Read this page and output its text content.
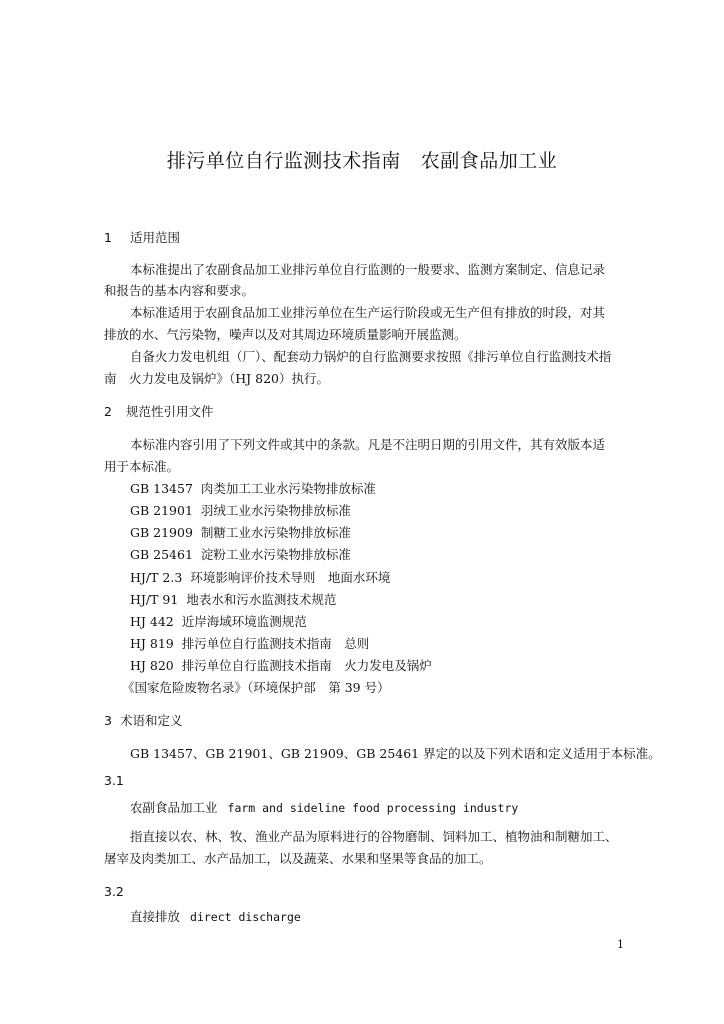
排污单位自行监测技术指南 农副食品加工业
1 适用范围
本标准提出了农副食品加工业排污单位自行监测的一般要求、监测方案制定、信息记录
和报告的基本内容和要求。
本标准适用于农副食品加工业排污单位在生产运行阶段或无生产但有排放的时段，对其
排放的水、气污染物，噪声以及对其周边环境质量影响开展监测。
自备火力发电机组（厂）、配套动力锅炉的自行监测要求按照《排污单位自行监测技术指
南　火力发电及锅炉》（HJ 820）执行。
2 规范性引用文件
本标准内容引用了下列文件或其中的条款。凡是不注明日期的引用文件，其有效版本适
用于本标准。
GB 13457 肉类加工工业水污染物排放标准
GB 21901 羽绒工业水污染物排放标准
GB 21909 制糖工业水污染物排放标准
GB 25461 淀粉工业水污染物排放标准
HJ/T 2.3 环境影响评价技术导则　地面水环境
HJ/T 91 地表水和污水监测技术规范
HJ 442 近岸海域环境监测规范
HJ 819 排污单位自行监测技术指南　总则
HJ 820 排污单位自行监测技术指南　火力发电及锅炉
《国家危险废物名录》（环境保护部　第 39 号）
3 术语和定义
GB 13457、GB 21901、GB 21909、GB 25461 界定的以及下列术语和定义适用于本标准。
3.1
农副食品加工业 farm and sideline food processing industry
指直接以农、林、牧、渔业产品为原料进行的谷物磨制、饲料加工、植物油和制糖加工、
屠宰及肉类加工、水产品加工，以及蔬菜、水果和坚果等食品的加工。
3.2
直接排放 direct discharge
1
